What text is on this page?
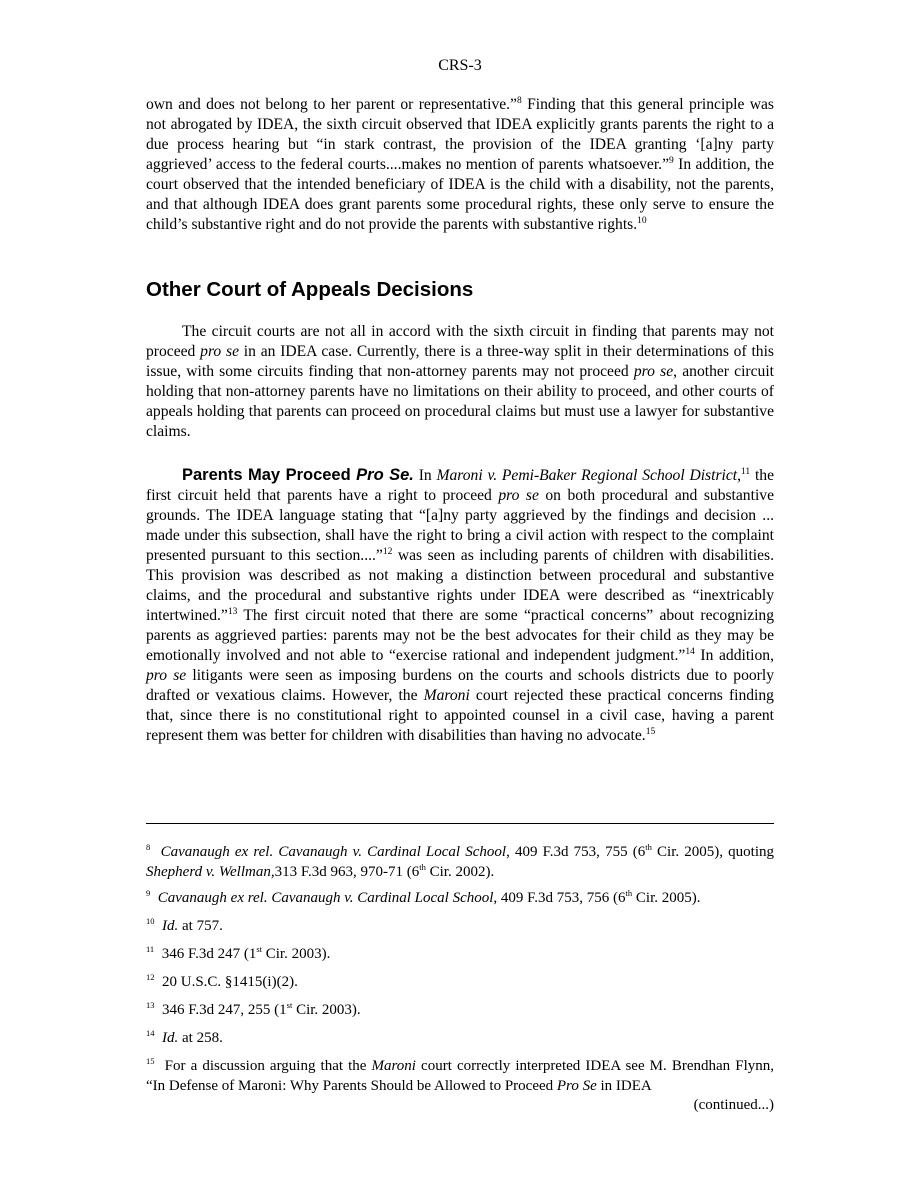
CRS-3

own and does not belong to her parent or representative.”$^8$ Finding that this general principle was not abrogated by IDEA, the sixth circuit observed that IDEA explicitly grants parents the right to a due process hearing but “in stark contrast, the provision of the IDEA granting ‘[a]ny party aggrieved’ access to the federal courts....makes no mention of parents whatsoever.”$^9$ In addition, the court observed that the intended beneficiary of IDEA is the child with a disability, not the parents, and that although IDEA does grant parents some procedural rights, these only serve to ensure the child’s substantive right and do not provide the parents with substantive rights.$^{10}$

Other Court of Appeals Decisions

The circuit courts are not all in accord with the sixth circuit in finding that parents may not proceed pro se in an IDEA case. Currently, there is a three-way split in their determinations of this issue, with some circuits finding that non-attorney parents may not proceed pro se, another circuit holding that non-attorney parents have no limitations on their ability to proceed, and other courts of appeals holding that parents can proceed on procedural claims but must use a lawyer for substantive claims.

Parents May Proceed Pro Se. In Maroni v. Pemi-Baker Regional School District,$^{11}$ the first circuit held that parents have a right to proceed pro se on both procedural and substantive grounds. The IDEA language stating that “[a]ny party aggrieved by the findings and decision ... made under this subsection, shall have the right to bring a civil action with respect to the complaint presented pursuant to this section....”$^{12}$ was seen as including parents of children with disabilities. This provision was described as not making a distinction between procedural and substantive claims, and the procedural and substantive rights under IDEA were described as “inextricably intertwined.”$^{13}$ The first circuit noted that there are some “practical concerns” about recognizing parents as aggrieved parties: parents may not be the best advocates for their child as they may be emotionally involved and not able to “exercise rational and independent judgment.”$^{14}$ In addition, pro se litigants were seen as imposing burdens on the courts and schools districts due to poorly drafted or vexatious claims. However, the Maroni court rejected these practical concerns finding that, since there is no constitutional right to appointed counsel in a civil case, having a parent represent them was better for children with disabilities than having no advocate.$^{15}$

$^8$ Cavanaugh ex rel. Cavanaugh v. Cardinal Local School, 409 F.3d 753, 755 (6th Cir. 2005), quoting Shepherd v. Wellman,313 F.3d 963, 970-71 (6th Cir. 2002).

$^9$ Cavanaugh ex rel. Cavanaugh v. Cardinal Local School, 409 F.3d 753, 756 (6th Cir. 2005).

$^{10}$ Id. at 757.

$^{11}$ 346 F.3d 247 (1st Cir. 2003).

$^{12}$ 20 U.S.C. §1415(i)(2).

$^{13}$ 346 F.3d 247, 255 (1st Cir. 2003).

$^{14}$ Id. at 258.

$^{15}$ For a discussion arguing that the Maroni court correctly interpreted IDEA see M. Brendhan Flynn, “In Defense of Maroni: Why Parents Should be Allowed to Proceed Pro Se in IDEA

(continued...)
